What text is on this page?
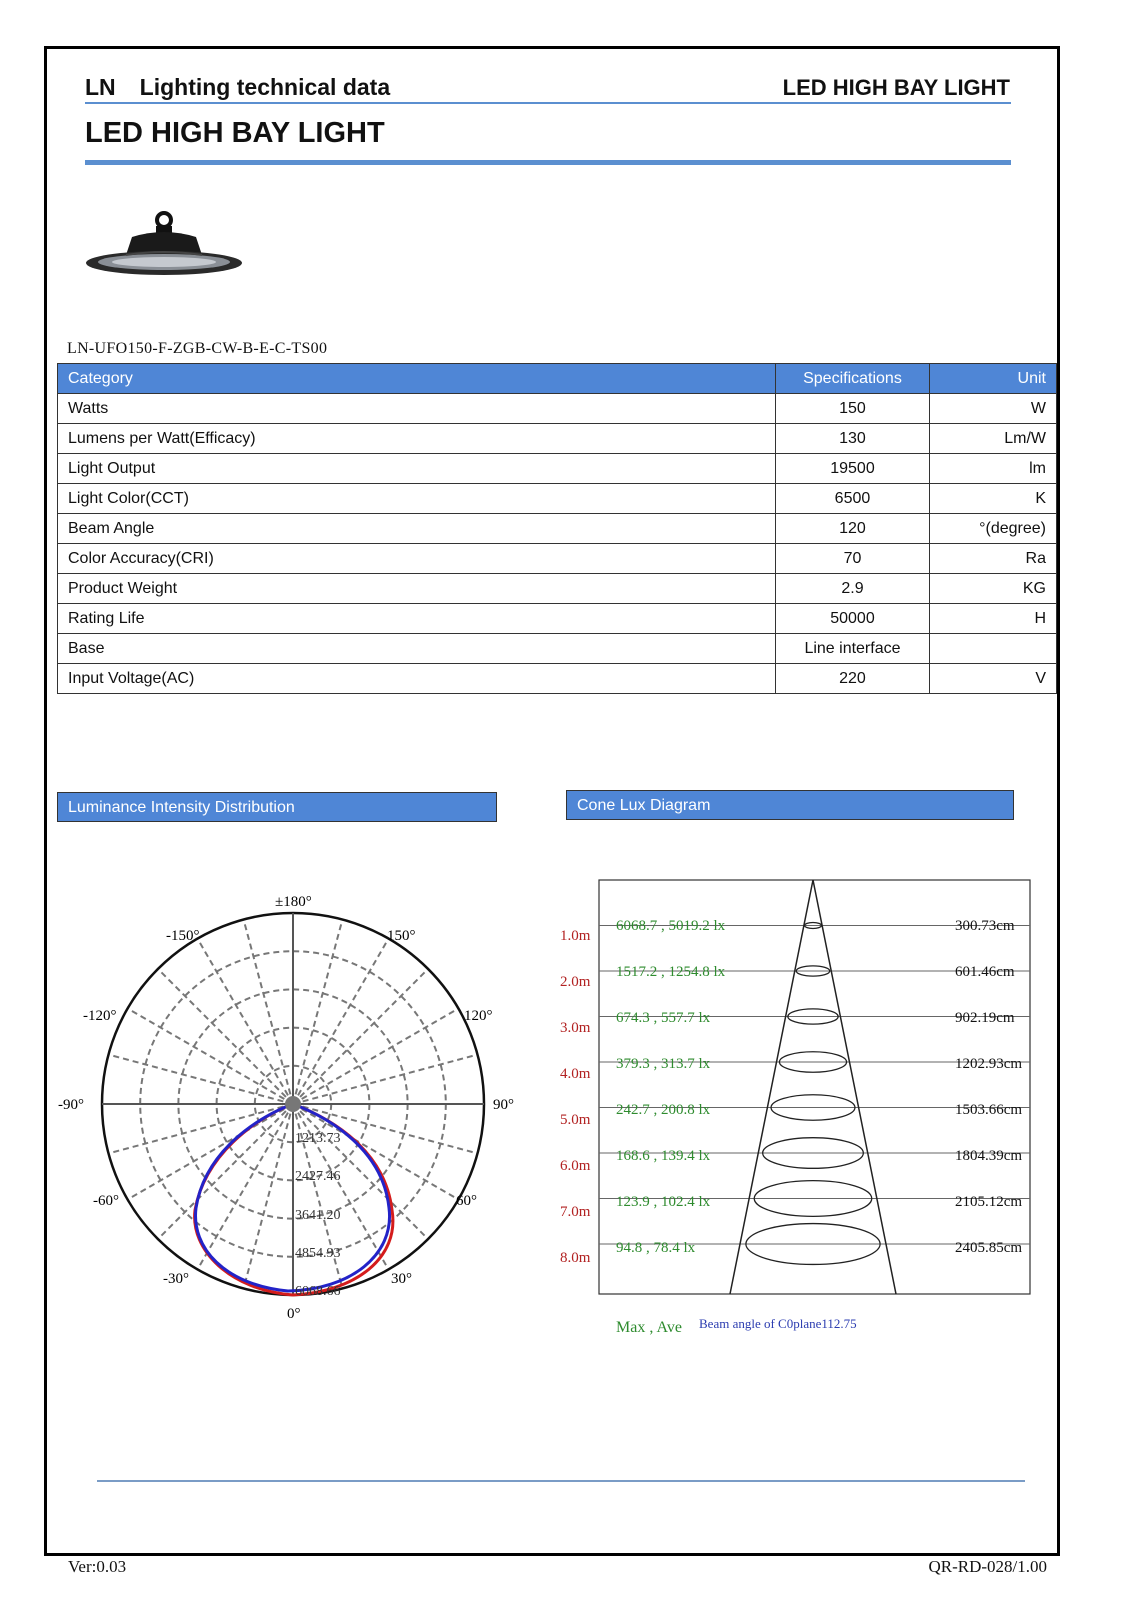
LN Lighting technical data	LED HIGH BAY LIGHT
LED HIGH BAY LIGHT
LN-UFO150-F-ZGB-CW-B-E-C-TS00
Category	Specifications	Unit
Watts	150	W
Lumens per Watt(Efficacy)	130	Lm/W
Light Output	19500	lm
Light Color(CCT)	6500	K
Beam Angle	120	°(degree)
Color Accuracy(CRI)	70	Ra
Product Weight	2.9	KG
Rating Life	50000	H
Base	Line interface	
Input Voltage(AC)	220	V
Luminance Intensity Distribution	Cone Lux Diagram
±180°
0°
-90°	90°
-150°	150°
-120°	120°
-60°	60°
-30°	30°
1213.73
2427.46
3641.20
4854.93
6068.66
1.0m
6068.7 , 5019.2 lx	300.73cm
2.0m
1517.2 , 1254.8 lx	601.46cm
3.0m
674.3 , 557.7 lx	902.19cm
4.0m
379.3 , 313.7 lx	1202.93cm
5.0m
242.7 , 200.8 lx	1503.66cm
6.0m
168.6 , 139.4 lx	1804.39cm
7.0m
123.9 , 102.4 lx	2105.12cm
8.0m
94.8 , 78.4 lx	2405.85cm
Max , Ave Beam angle of C0plane112.75
Ver:0.03	QR-RD-028/1.00
